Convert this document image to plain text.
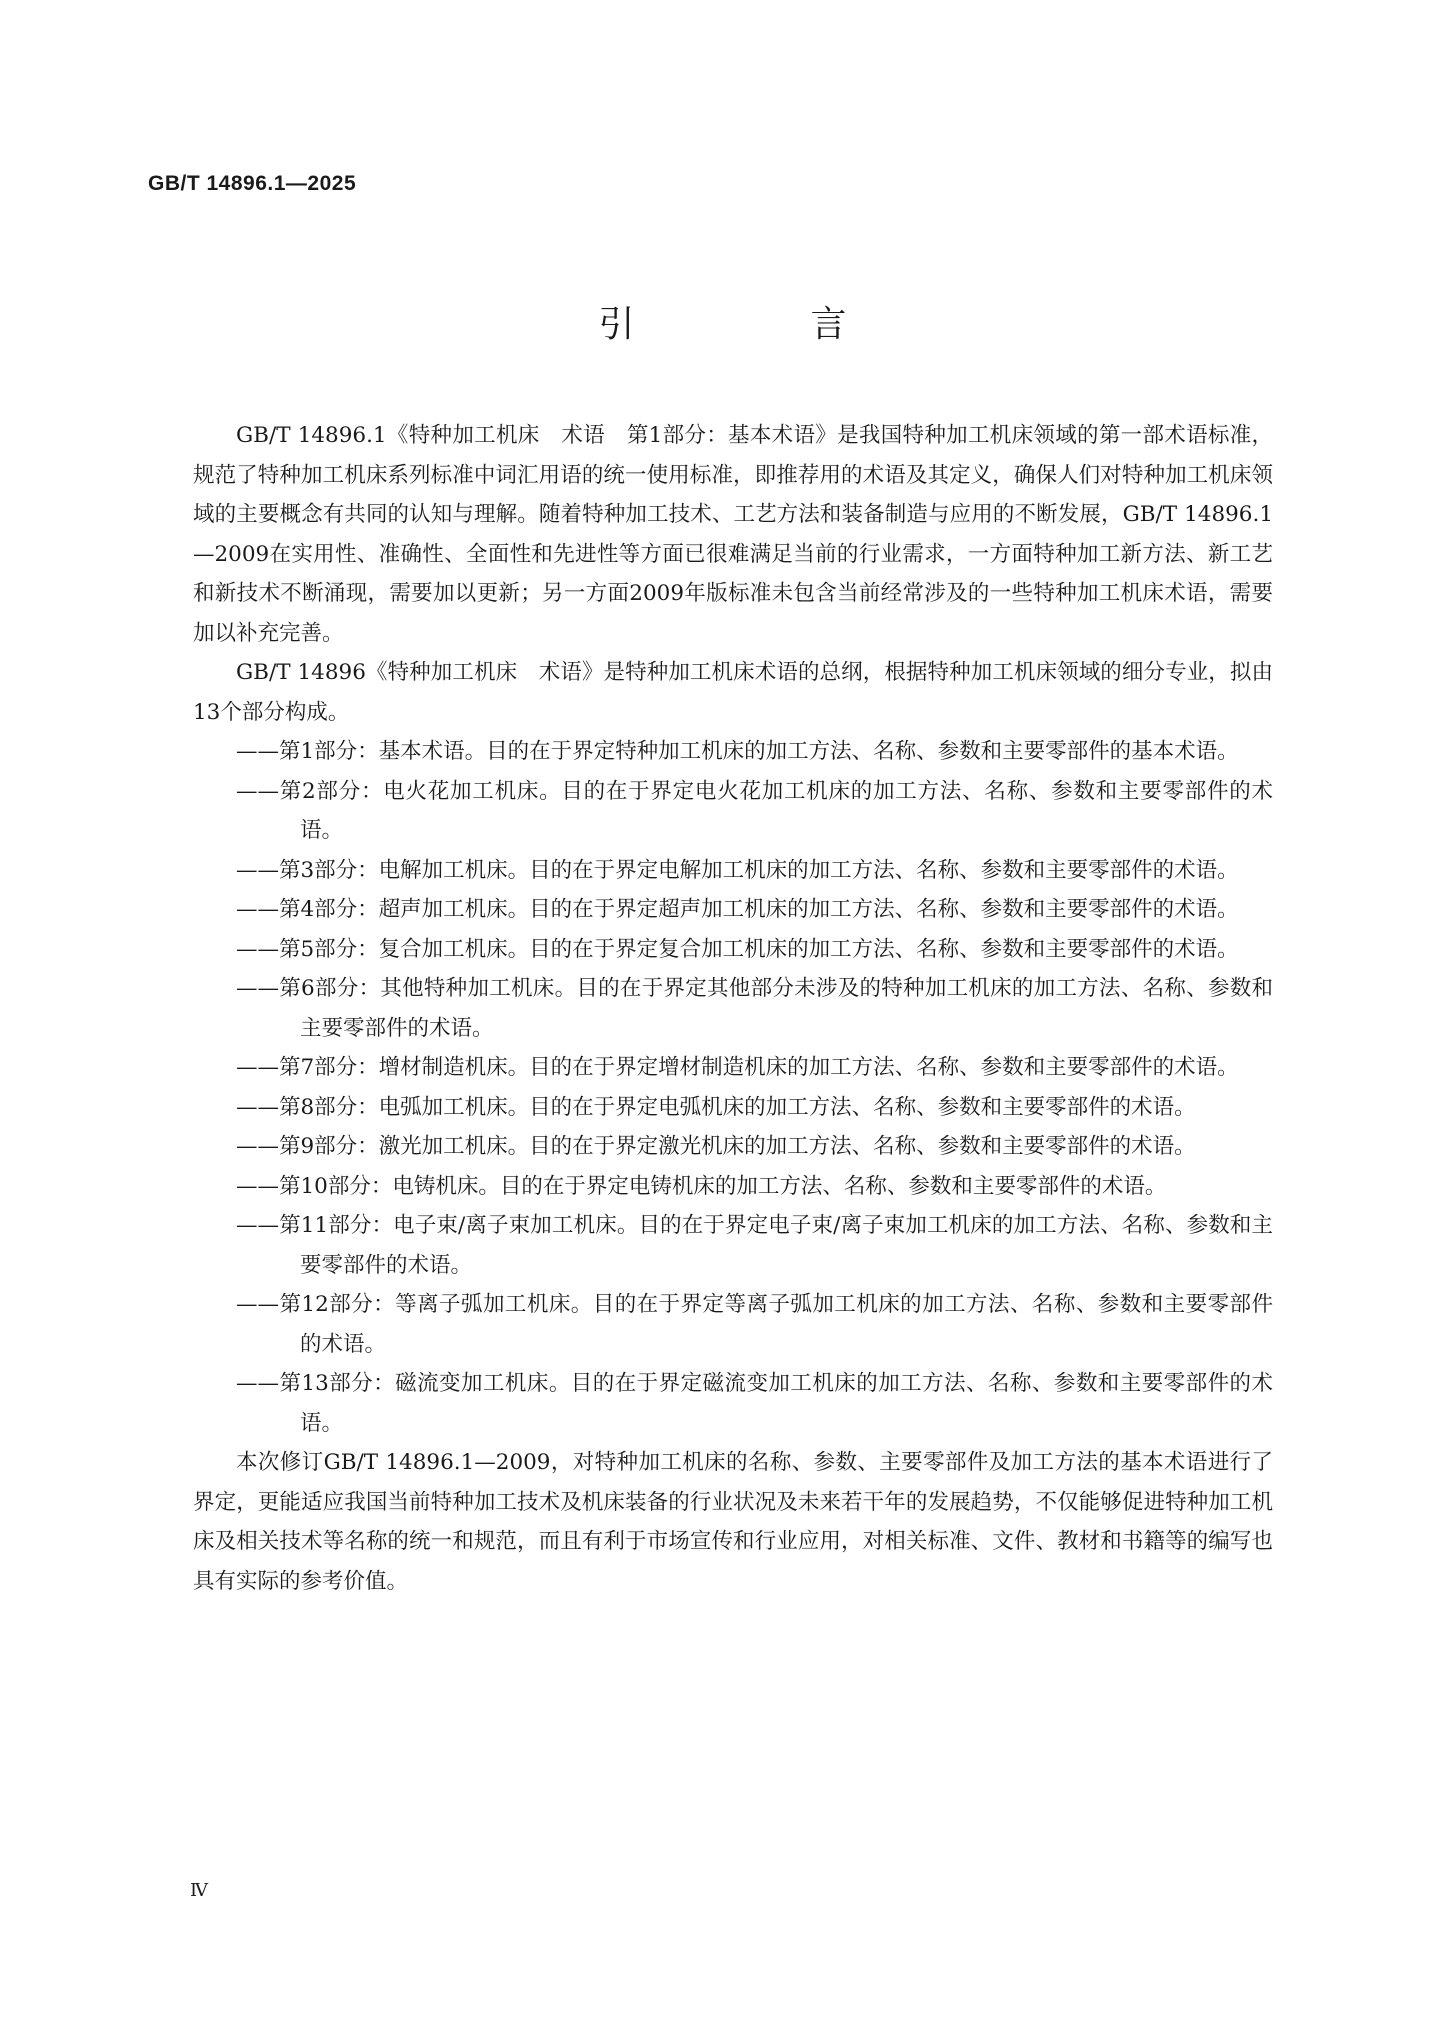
GB/T 14896.1—2025
引　言

GB/T 14896.1《特种加工机床　术语　第1部分：基本术语》是我国特种加工机床领域的第一部术语标准，规范了特种加工机床系列标准中词汇用语的统一使用标准，即推荐用的术语及其定义，确保人们对特种加工机床领域的主要概念有共同的认知与理解。随着特种加工技术、工艺方法和装备制造与应用的不断发展，GB/T 14896.1—2009在实用性、准确性、全面性和先进性等方面已很难满足当前的行业需求，一方面特种加工新方法、新工艺和新技术不断涌现，需要加以更新；另一方面2009年版标准未包含当前经常涉及的一些特种加工机床术语，需要加以补充完善。

GB/T 14896《特种加工机床　术语》是特种加工机床术语的总纲，根据特种加工机床领域的细分专业，拟由13个部分构成。

——第1部分：基本术语。目的在于界定特种加工机床的加工方法、名称、参数和主要零部件的基本术语。

——第2部分：电火花加工机床。目的在于界定电火花加工机床的加工方法、名称、参数和主要零部件的术语。

——第3部分：电解加工机床。目的在于界定电解加工机床的加工方法、名称、参数和主要零部件的术语。

——第4部分：超声加工机床。目的在于界定超声加工机床的加工方法、名称、参数和主要零部件的术语。

——第5部分：复合加工机床。目的在于界定复合加工机床的加工方法、名称、参数和主要零部件的术语。

——第6部分：其他特种加工机床。目的在于界定其他部分未涉及的特种加工机床的加工方法、名称、参数和主要零部件的术语。

——第7部分：增材制造机床。目的在于界定增材制造机床的加工方法、名称、参数和主要零部件的术语。

——第8部分：电弧加工机床。目的在于界定电弧机床的加工方法、名称、参数和主要零部件的术语。

——第9部分：激光加工机床。目的在于界定激光机床的加工方法、名称、参数和主要零部件的术语。

——第10部分：电铸机床。目的在于界定电铸机床的加工方法、名称、参数和主要零部件的术语。

——第11部分：电子束/离子束加工机床。目的在于界定电子束/离子束加工机床的加工方法、名称、参数和主要零部件的术语。

——第12部分：等离子弧加工机床。目的在于界定等离子弧加工机床的加工方法、名称、参数和主要零部件的术语。

——第13部分：磁流变加工机床。目的在于界定磁流变加工机床的加工方法、名称、参数和主要零部件的术语。

本次修订GB/T 14896.1—2009，对特种加工机床的名称、参数、主要零部件及加工方法的基本术语进行了界定，更能适应我国当前特种加工技术及机床装备的行业状况及未来若干年的发展趋势，不仅能够促进特种加工机床及相关技术等名称的统一和规范，而且有利于市场宣传和行业应用，对相关标准、文件、教材和书籍等的编写也具有实际的参考价值。

Ⅳ
